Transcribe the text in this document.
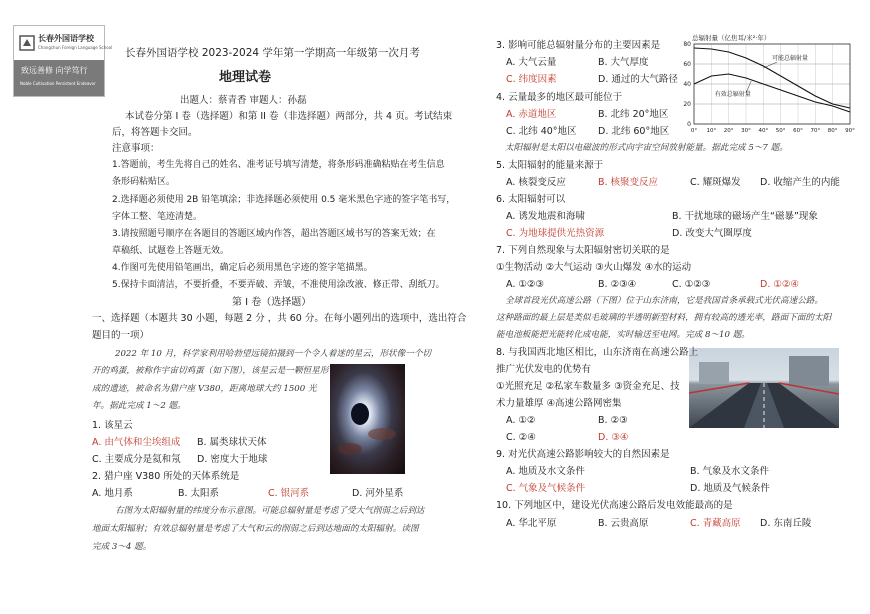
长春外国语学校
Changchun Foreign Language School
致远善修 向学笃行
Noble Cultivation Persistent Endeavor
长春外国语学校 2023-2024 学年第一学期高一年级第一次月考
地理试卷
出题人：蔡青香 审题人：孙磊
本试卷分第 I 卷（选择题）和第 II 卷（非选择题）两部分，共 4 页。考试结束
后，将答题卡交回。
注意事项：
1.答题前，考生先将自己的姓名、准考证号填写清楚，将条形码准确粘贴在考生信息
条形码粘贴区。
2.选择题必须使用 2B 铅笔填涂；非选择题必须使用 0.5 毫米黑色字迹的签字笔书写，
字体工整、笔迹清楚。
3.请按照题号顺序在各题目的答题区域内作答，超出答题区域书写的答案无效；在
草稿纸、试题卷上答题无效。
4.作图可先使用铅笔画出，确定后必须用黑色字迹的签字笔描黑。
5.保持卡面清洁，不要折叠，不要弄破、弄皱，不准使用涂改液、修正带、刮纸刀。
第 I 卷（选择题）
一、选择题（本题共 30 小题，每题 2 分 ，共 60 分。在每小题列出的选项中，选出符合
题目的一项）
2022 年 10 月，科学家利用哈勃望远镜拍摄到一个令人着迷的星云，形状像一个切
开的鸡蛋，被称作宇宙切鸡蛋（如下图），该星云是一颗恒星形
成的遗迹，被命名为猎户座 V380，距离地球大约 1500 光
年。据此完成 1～2 题。
1. 该星云
A. 由气体和尘埃组成 B. 属类球状天体
C. 主要成分是氦和氖 D. 密度大于地球
2. 猎户座 V380 所处的天体系统是
A. 地月系	B. 太阳系	C. 银河系	D. 河外星系
右图为太阳辐射量的纬度分布示意图。可能总辐射量是考虑了受大气削弱之后到达
地面太阳辐射；有效总辐射量是考虑了大气和云的削弱之后到达地面的太阳辐射。读图
完成 3～4 题。
3. 影响可能总辐射量分布的主要因素是
A. 大气云量	B. 大气厚度
C. 纬度因素	D. 通过的大气路径
4. 云量最多的地区最可能位于
A. 赤道地区	B. 北纬 20°地区
C. 北纬 40°地区 D. 北纬 60°地区
总辐射量（亿焦耳/米²·年）
0
20
40
60
80
0° 10° 20° 30° 40° 50° 60° 70° 80° 90°
可能总辐射量
有效总辐射量
太阳辐射是太阳以电磁波的形式向宇宙空间放射能量。据此完成 5～7 题。
5. 太阳辐射的能量来源于
A. 核裂变反应	B. 核聚变反应	C. 耀斑爆发 D. 收缩产生的内能
6. 太阳辐射可以
A. 诱发地震和海啸	B. 干扰地球的磁场产生“磁暴”现象
C. 为地球提供光热资源	D. 改变大气圈厚度
7. 下列自然现象与太阳辐射密切关联的是
①生物活动 ②大气运动 ③火山爆发 ④水的运动
A. ①②③	B. ②③④	C. ①②③	D. ①②④
全球首段光伏高速公路（下图）位于山东济南，它是我国首条承载式光伏高速公路。
这种路面的最上层是类似毛玻璃的半透明新型材料，拥有较高的透光率，路面下面的太阳
能电池板能把光能转化成电能，实时输送至电网。完成 8～10 题。
8. 与我国西北地区相比，山东济南在高速公路上
推广光伏发电的优势有
①光照充足 ②私家车数量多 ③资金充足、技
术力量雄厚 ④高速公路网密集
A. ①②	B. ②③
C. ②④	D. ③④
9. 对光伏高速公路影响较大的自然因素是
A. 地质及水文条件	B. 气象及水文条件
C. 气象及气候条件	D. 地质及气候条件
10. 下列地区中，建设光伏高速公路后发电效能最高的是
A. 华北平原	B. 云贵高原	C. 青藏高原 D. 东南丘陵
